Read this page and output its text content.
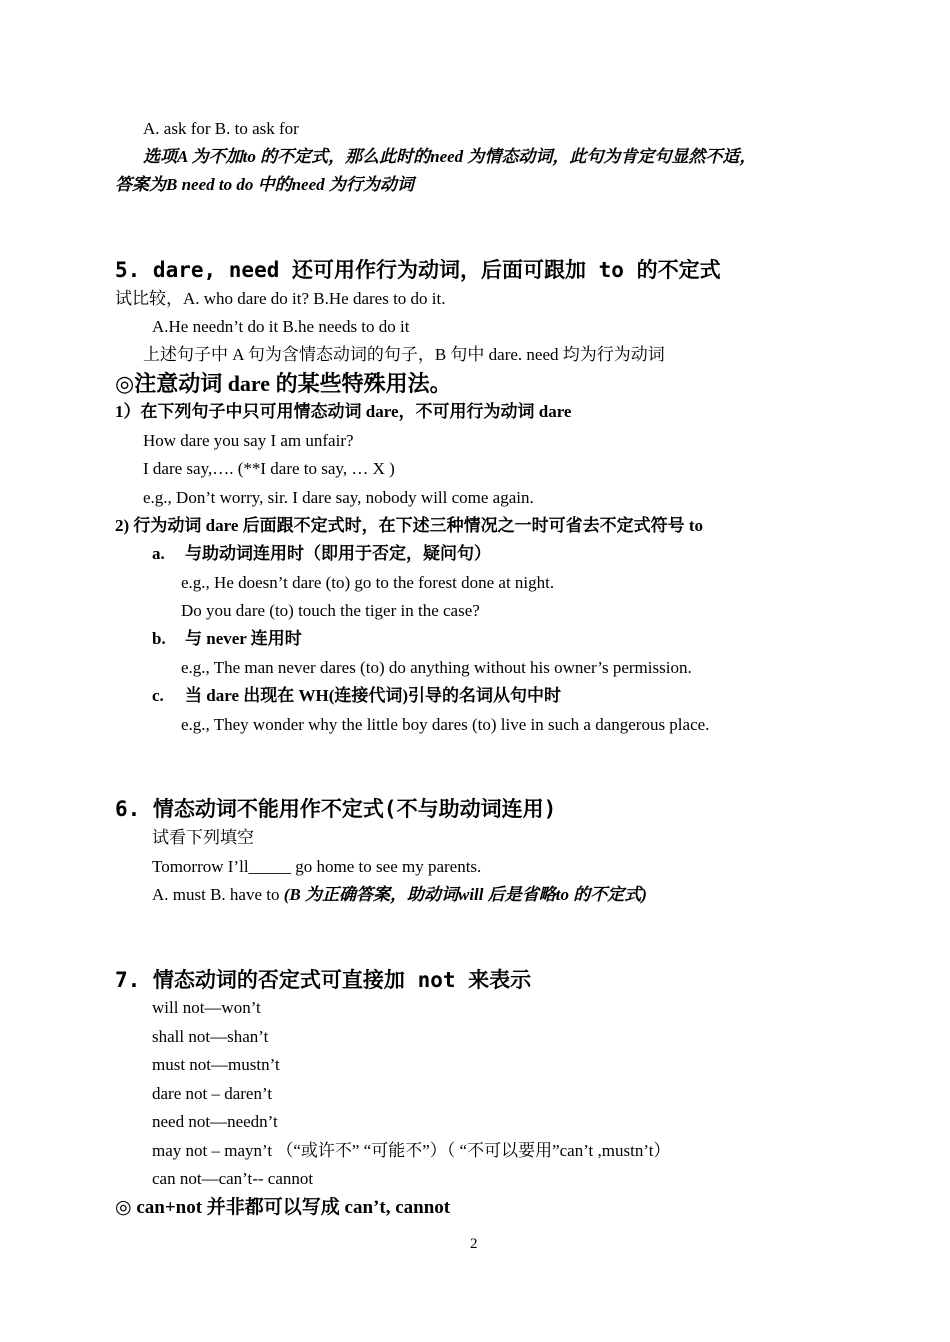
A. ask for B. to ask for
选项A 为不加to 的不定式，那么此时的need 为情态动词，此句为肯定句显然不适，
答案为B need to do 中的need 为行为动词
5. dare, need 还可用作行为动词，后面可跟加 to 的不定式
试比较，A. who dare do it? B.He dares to do it.
A.He needn’t do it B.he needs to do it
上述句子中 A 句为含情态动词的句子，B 句中 dare. need 均为行为动词
◎注意动词 dare 的某些特殊用法。
1）在下列句子中只可用情态动词 dare，不可用行为动词 dare
How dare you say I am unfair?
I dare say,…. (**I dare to say, … X )
e.g., Don’t worry, sir. I dare say, nobody will come again.
2) 行为动词 dare 后面跟不定式时，在下述三种情况之一时可省去不定式符号 to
a. 与助动词连用时（即用于否定，疑问句）
e.g., He doesn’t dare (to) go to the forest done at night.
Do you dare (to) touch the tiger in the case?
b. 与 never 连用时
e.g., The man never dares (to) do anything without his owner’s permission.
c. 当 dare 出现在 WH(连接代词)引导的名词从句中时
e.g., They wonder why the little boy dares (to) live in such a dangerous place.
6. 情态动词不能用作不定式(不与助动词连用)
试看下列填空
Tomorrow I’ll_____ go home to see my parents.
A. must B. have to (B 为正确答案，助动词will 后是省略to 的不定式)
7. 情态动词的否定式可直接加 not 来表示
will not—won’t
shall not—shan’t
must not—mustn’t
dare not – daren’t
need not—needn’t
may not – mayn’t （“或许不” “可能不”）（ “不可以要用”can’t ,mustn’t）
can not—can’t-- cannot
◎ can+not 并非都可以写成 can’t, cannot
2
